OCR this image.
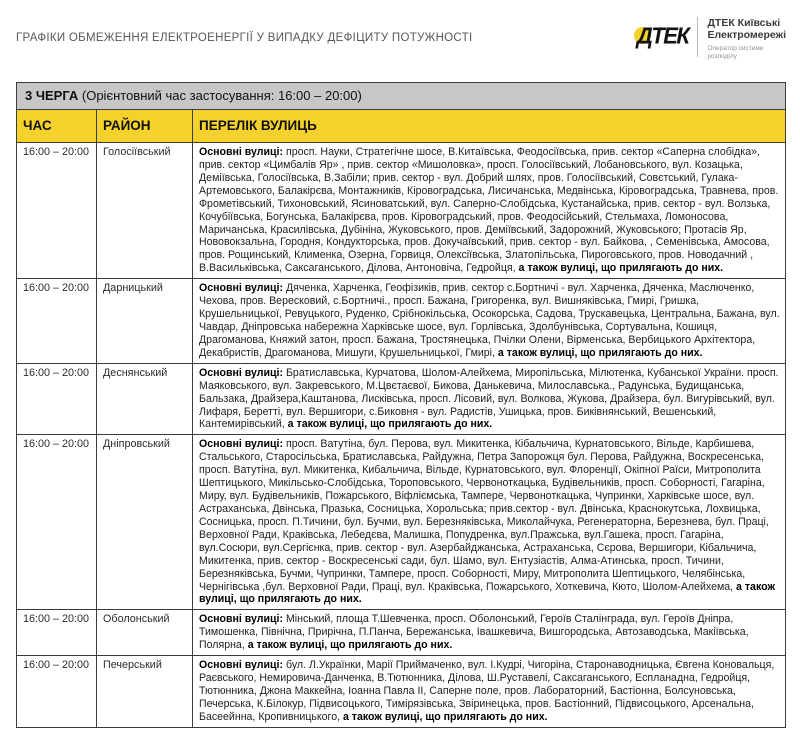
ГРАФІКИ ОБМЕЖЕННЯ ЕЛЕКТРОЕНЕРГІЇ У ВИПАДКУ ДЕФІЦИТУ ПОТУЖНОСТІ	ДТЕК ДТЕК Київські
Електромережі
Оператор системи
розподілу
3 ЧЕРГА (Орієнтовний час застосування: 16:00 – 20:00)
ЧАС	РАЙОН	ПЕРЕЛІК ВУЛИЦЬ
16:00 – 20:00	Голосіївський	Основні вулиці: просп. Науки, Стратегічне шосе, В.Китаївська, Феодосіївська, прив. сектор «Саперна слобідка», прив. сектор «Цимбалів Яр» , прив. сектор «Мишоловка», просп. Голосіївський, Лобановського, вул. Козацька, Деміївська, Голосіївська, В.Забіли; прив. сектор - вул. Добрий шлях, пров. Голосіївський, Совєтський, Гулака-Артемовського, Балакірєва, Монтажників, Кіровоградська, Лисичанська, Медвінська, Кіровоградська, Травнева, пров. Фрометівський, Тихоновський, Ясиноватський, вул. Саперно-Слобідська, Кустанайська, прив. сектор - вул. Волзька, Кочубіївська, Богунська, Балакірєва, пров. Кіровоградський, пров. Феодосійський, Стельмаха, Ломоносова, Маричанська, Красилівська, Дубініна, Жуковського, пров. Деміївський, Задорожний, Жуковського; Протасів Яр, Нововокзальна, Городня, Кондукторська, пров. Докучаївський, прив. сектор - вул. Байкова, , Семенівська, Амосова, пров. Рощинський, Клименка, Озерна, Горвиця, Олексіївська, Златопільська, Пироговського, пров. Новодачний , В.Васильківська, Саксаганського, Ділова, Антоновіча, Гедройця, а також вулиці, що прилягають до них.
16:00 – 20:00	Дарницький	Основні вулиці: Дяченка, Харченка, Геофізиків, прив. сектор с.Бортничі - вул. Харченка, Дяченка, Маслюченко, Чехова, пров. Вересковий, с.Бортничі., просп. Бажана, Григоренка, вул. Вишняківська, Гмирі, Гришка, Крушельницької, Ревуцького, Руденко, Срібнокільська, Осокорська, Садова, Трускавецька, Центральна, Бажана, вул. Чавдар, Дніпровська набережна Харківське шосе, вул. Горлівська, Здолбунівська, Сортувальна, Кошиця, Драгоманова, Княжий затон, просп. Бажана, Тростянецька, Пчілки Олени, Вірменська, Вербицького Архітектора, Декабристів, Драгоманова, Мишуги, Крушельницької, Гмирі, а також вулиці, що прилягають до них.
16:00 – 20:00	Деснянський	Основні вулиці: Братиславська, Курчатова, Шолом-Алейхема, Миропільська, Мілютенка, Кубанської України. просп. Маяковського, вул. Закревського, М.Цвєтаєвої, Бикова, Данькевича, Милославська., Радунська, Будищанська, Бальзака, Драйзера,Каштанова, Лисківська, просп. Лісовий, вул. Волкова, Жукова, Драйзера, бул. Вигурівський, вул. Лифаря, Беретті, вул. Вершигори, с.Биковня - вул. Радистів, Ушицька, пров. Биківнянський, Вешенський, Кантемирівський, а також вулиці, що прилягають до них.
16:00 – 20:00	Дніпровський	Основні вулиці: просп. Ватутіна, бул. Перова, вул. Микитенка, Кібальчича, Курнатовського, Вільде, Карбишева, Стальського, Старосільська, Братиславська, Райдужна, Петра Запорожця бул. Перова, Райдужна, Воскресенська, просп. Ватутіна, вул. Микитенка, Кибальчича, Вільде, Курнатовського, вул. Флоренції, Окіпної Раїси, Митрополита Шептицького, Микільсько-Слобідська, Тороповського, Червоноткацька, Будівельників, просп. Соборності, Гагаріна, Миру, вул. Будівельників, Пожарського, Віфліємська, Тампере, Червоноткацька, Чупринки, Харківське шосе, вул. Астраханська, Двінська, Празька, Сосницька, Хорольська; прив.сектор - вул. Двінська, Краснокутська, Лохвицька, Сосницька, просп. П.Тичини, бул. Бучми, вул. Березняківська, Миколайчука, Регенераторна, Березнева, бул. Праці, Верховної Ради, Краківська, Лебедєва, Малишка, Попудренка, вул.Пражська, вул.Гашека, просп. Гагаріна, вул.Сосюри, вул.Сергієнка, прив. сектор - вул. Азербайджанська, Астраханська, Сєрова, Вершигори, Кібальчича, Микитенка, прив. сектор - Воскресенські сади, бул. Шамо, вул. Ентузіастів, Алма-Атинська, просп. Тичини, Березняківська, Бучми, Чупринки, Тампере, просп. Соборності, Миру, Митрополита Шептицького, Челябінська, Чернігівська ,бул. Верховної Ради, Праці, вул. Краківська, Пожарського, Хоткевича, Кюто, Шолом-Алейхема, а також вулиці, що прилягають до них.
16:00 – 20:00	Оболонський	Основні вулиці: Мінський, площа Т.Шевченка, просп. Оболонський, Героїв Сталінграда, вул. Героїв Дніпра, Тимошенка, Північна, Прирічна, П.Панча, Бережанська, Івашкевича, Вишгородська, Автозаводська, Макіївська, Полярна, а також вулиці, що прилягають до них.
16:00 – 20:00	Печерський	Основні вулиці: бул. Л.Українки, Марії Приймаченко, вул. І.Кудрі, Чигоріна, Старонаводницька, Євгена Коновальця, Раєвського, Немировича-Данченка, В.Тютюнника, Ділова, Ш.Руставелі, Саксаганського, Еспланадна, Гедройця, Тютюнника, Джона Маккейна, Іоанна Павла II, Саперне поле, пров. Лабораторний, Бастіонна, Болсуновська, Печерська, К.Білокур, Підвисоцького, Тимірязівська, Звіринецька, пров. Бастіонний, Підвисоцького, Арсенальна, Басеейнна, Кропивницького, а також вулиці, що прилягають до них.
